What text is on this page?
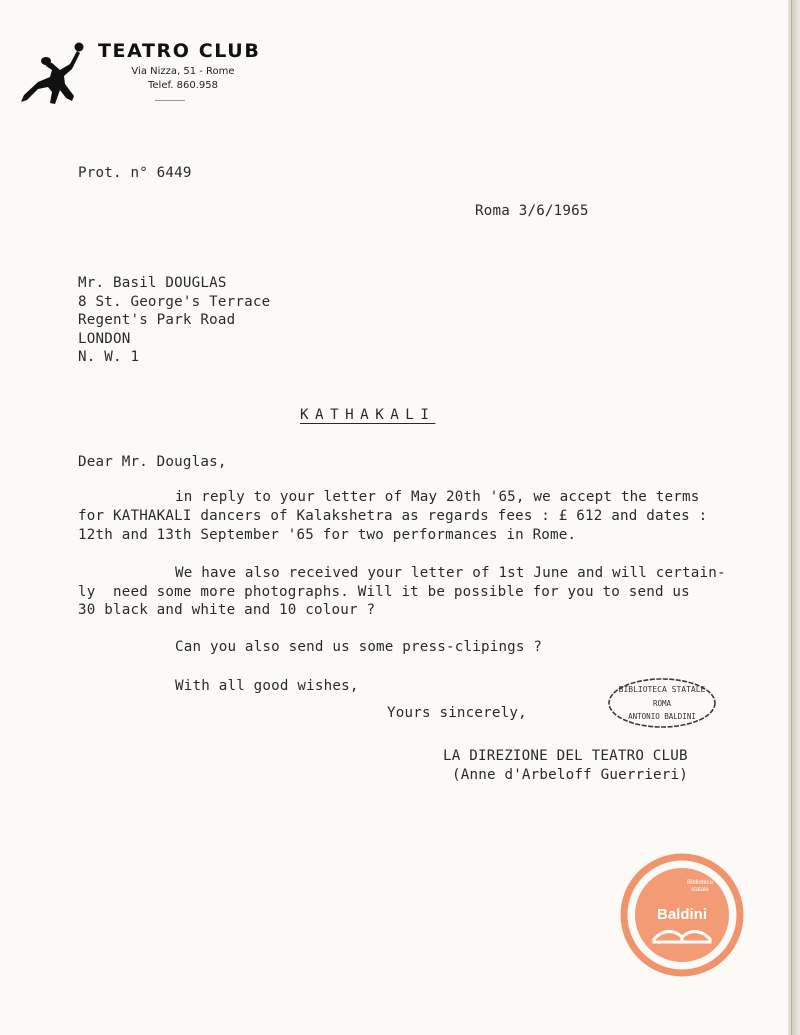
TEATRO CLUB
Via Nizza, 51 - Rome
Telef. 860.958

Prot. n° 6449

Roma 3/6/1965

Mr. Basil DOUGLAS
8 St. George's Terrace
Regent's Park Road
LONDON
N. W. 1

KATHAKALI

Dear Mr. Douglas,

in reply to your letter of May 20th '65, we accept the terms

for KATHAKALI dancers of Kalakshetra as regards fees : £ 612 and dates :

12th and 13th September '65 for two performances in Rome.

We have also received your letter of 1st June and will certain-

ly  need some more photographs. Will it be possible for you to send us

30 black and white and 10 colour ?

Can you also send us some press-clipings ?

With all good wishes,

Yours sincerely,

LA DIREZIONE DEL TEATRO CLUB

(Anne d'Arbeloff Guerrieri)

BIBLIOTECA STATALE
ROMA
ANTONIO BALDINI
Biblioteca statale
Baldini
